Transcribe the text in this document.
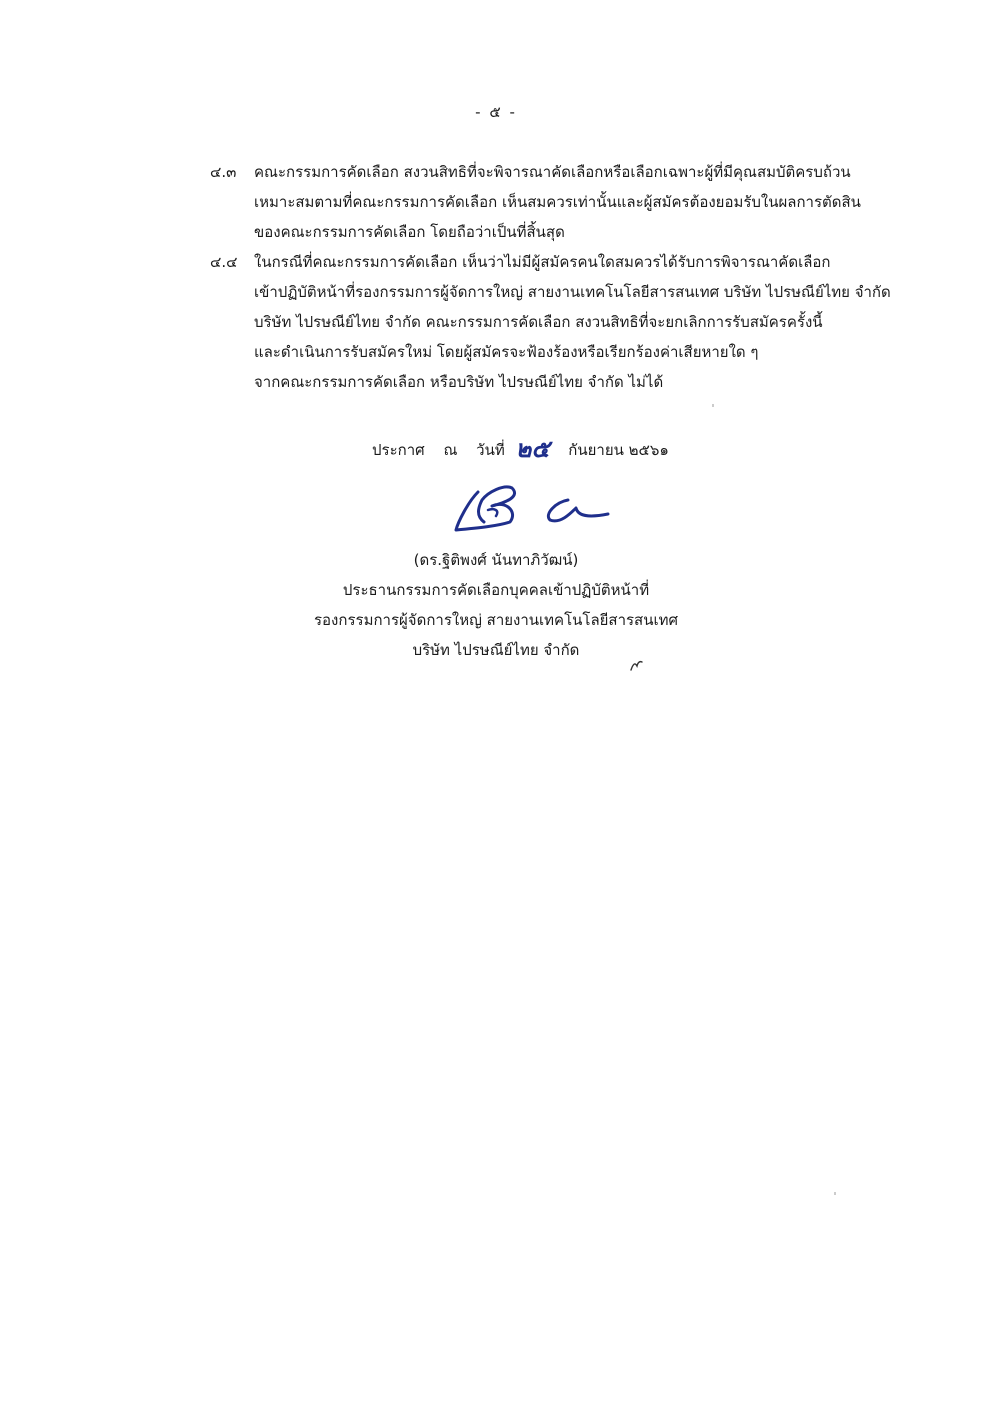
- ๕ -
๔.๓	คณะกรรมการคัดเลือก สงวนสิทธิที่จะพิจารณาคัดเลือกหรือเลือกเฉพาะผู้ที่มีคุณสมบัติครบถ้วน
เหมาะสมตามที่คณะกรรมการคัดเลือก เห็นสมควรเท่านั้นและผู้สมัครต้องยอมรับในผลการตัดสิน
ของคณะกรรมการคัดเลือก โดยถือว่าเป็นที่สิ้นสุด
๔.๔	ในกรณีที่คณะกรรมการคัดเลือก เห็นว่าไม่มีผู้สมัครคนใดสมควรได้รับการพิจารณาคัดเลือก
เข้าปฏิบัติหน้าที่รองกรรมการผู้จัดการใหญ่ สายงานเทคโนโลยีสารสนเทศ บริษัท ไปรษณีย์ไทย จำกัด
บริษัท ไปรษณีย์ไทย จำกัด คณะกรรมการคัดเลือก สงวนสิทธิที่จะยกเลิกการรับสมัครครั้งนี้
และดำเนินการรับสมัครใหม่ โดยผู้สมัครจะฟ้องร้องหรือเรียกร้องค่าเสียหายใด ๆ
จากคณะกรรมการคัดเลือก หรือบริษัท ไปรษณีย์ไทย จำกัด ไม่ได้
ประกาศ ณ วันที่ ๒๕ กันยายน ๒๕๖๑
(ดร.ฐิติพงศ์ นันทาภิวัฒน์)
ประธานกรรมการคัดเลือกบุคคลเข้าปฏิบัติหน้าที่
รองกรรมการผู้จัดการใหญ่ สายงานเทคโนโลยีสารสนเทศ
บริษัท ไปรษณีย์ไทย จำกัด
